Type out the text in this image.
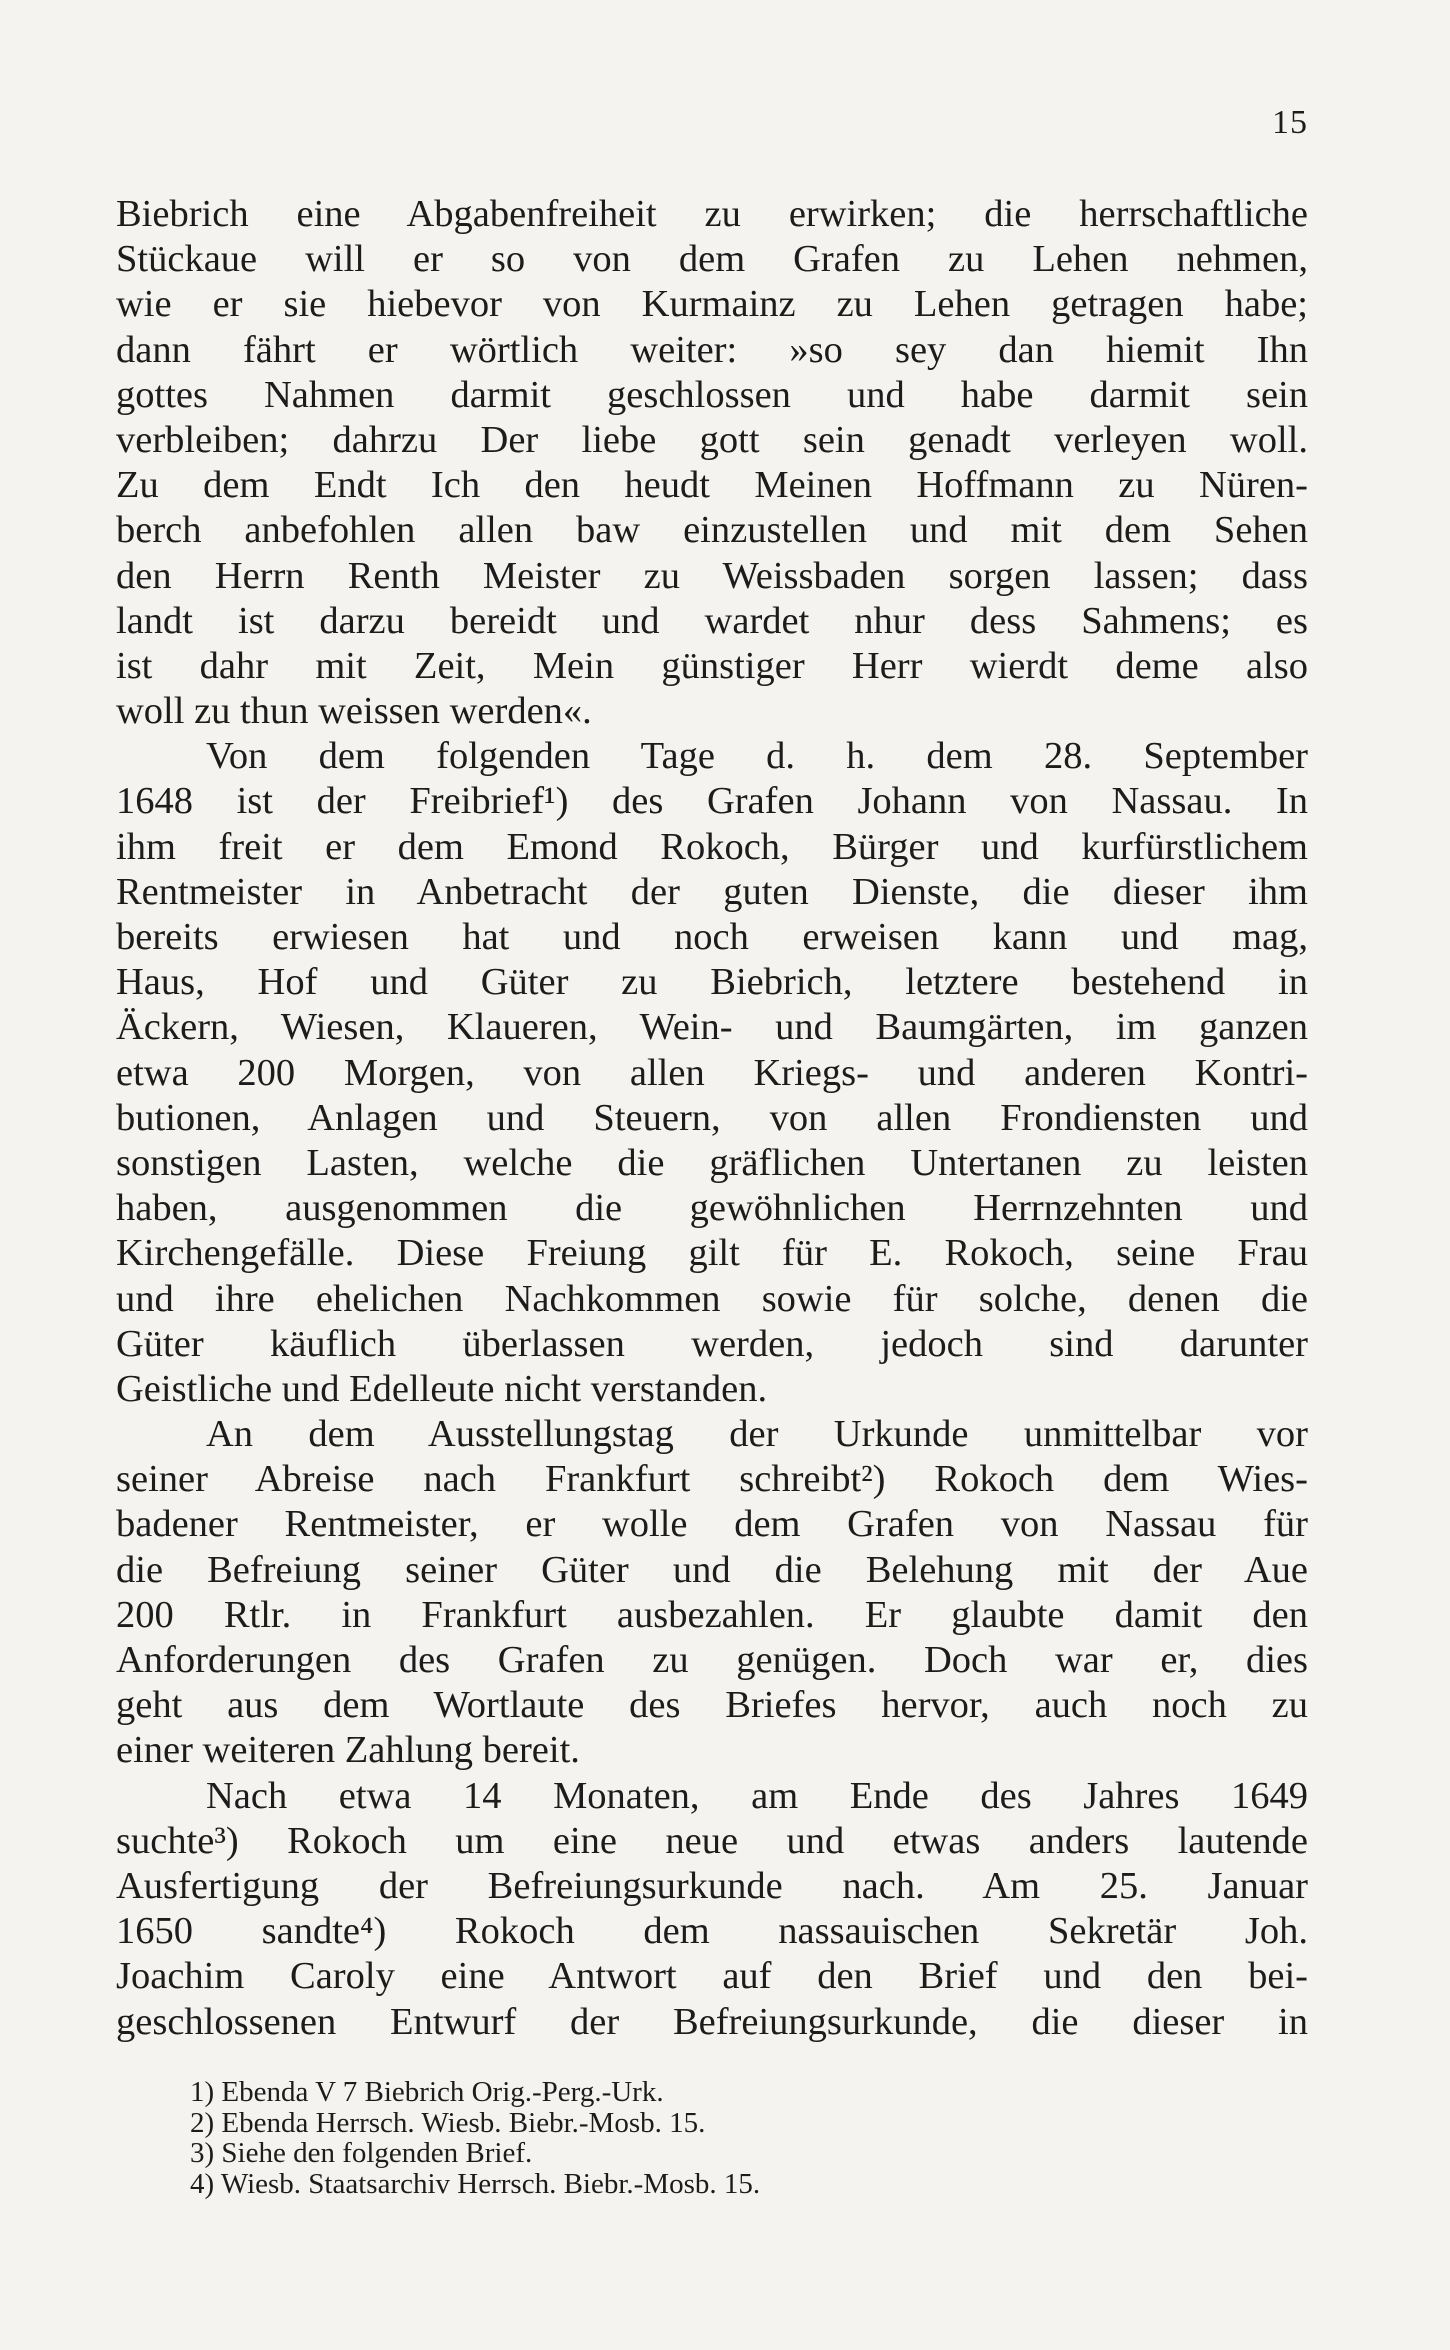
15
Biebrich eine Abgabenfreiheit zu erwirken; die herrschaftliche
Stückaue will er so von dem Grafen zu Lehen nehmen,
wie er sie hiebevor von Kurmainz zu Lehen getragen habe;
dann fährt er wörtlich weiter: »so sey dan hiemit Ihn
gottes Nahmen darmit geschlossen und habe darmit sein
verbleiben; dahrzu Der liebe gott sein genadt verleyen woll.
Zu dem Endt Ich den heudt Meinen Hoffmann zu Nüren-
berch anbefohlen allen baw einzustellen und mit dem Sehen
den Herrn Renth Meister zu Weissbaden sorgen lassen; dass
landt ist darzu bereidt und wardet nhur dess Sahmens; es
ist dahr mit Zeit, Mein günstiger Herr wierdt deme also
woll zu thun weissen werden«.
Von dem folgenden Tage d. h. dem 28. September
1648 ist der Freibrief¹) des Grafen Johann von Nassau. In
ihm freit er dem Emond Rokoch, Bürger und kurfürstlichem
Rentmeister in Anbetracht der guten Dienste, die dieser ihm
bereits erwiesen hat und noch erweisen kann und mag,
Haus, Hof und Güter zu Biebrich, letztere bestehend in
Äckern, Wiesen, Klaueren, Wein- und Baumgärten, im ganzen
etwa 200 Morgen, von allen Kriegs- und anderen Kontri-
butionen, Anlagen und Steuern, von allen Frondiensten und
sonstigen Lasten, welche die gräflichen Untertanen zu leisten
haben, ausgenommen die gewöhnlichen Herrnzehnten und
Kirchengefälle. Diese Freiung gilt für E. Rokoch, seine Frau
und ihre ehelichen Nachkommen sowie für solche, denen die
Güter käuflich überlassen werden, jedoch sind darunter
Geistliche und Edelleute nicht verstanden.
An dem Ausstellungstag der Urkunde unmittelbar vor
seiner Abreise nach Frankfurt schreibt²) Rokoch dem Wies-
badener Rentmeister, er wolle dem Grafen von Nassau für
die Befreiung seiner Güter und die Belehung mit der Aue
200 Rtlr. in Frankfurt ausbezahlen. Er glaubte damit den
Anforderungen des Grafen zu genügen. Doch war er, dies
geht aus dem Wortlaute des Briefes hervor, auch noch zu
einer weiteren Zahlung bereit.
Nach etwa 14 Monaten, am Ende des Jahres 1649
suchte³) Rokoch um eine neue und etwas anders lautende
Ausfertigung der Befreiungsurkunde nach. Am 25. Januar
1650 sandte⁴) Rokoch dem nassauischen Sekretär Joh.
Joachim Caroly eine Antwort auf den Brief und den bei-
geschlossenen Entwurf der Befreiungsurkunde, die dieser in
1) Ebenda V 7 Biebrich Orig.-Perg.-Urk.
2) Ebenda Herrsch. Wiesb. Biebr.-Mosb. 15.
3) Siehe den folgenden Brief.
4) Wiesb. Staatsarchiv Herrsch. Biebr.-Mosb. 15.
